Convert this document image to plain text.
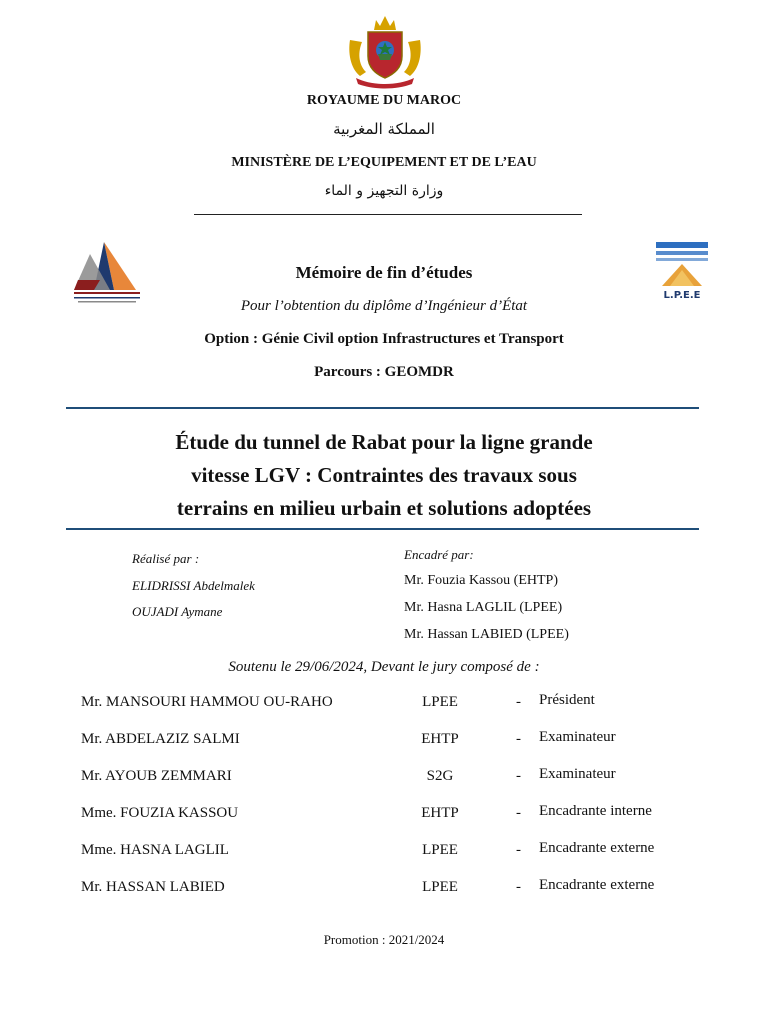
ROYAUME DU MAROC
المملكة المغربية
MINISTÈRE DE L’EQUIPEMENT ET DE L’EAU
وزارة التجهيز و الماء
L.P.E.E
Mémoire de fin d’études
Pour l’obtention du diplôme d’Ingénieur d’État
Option : Génie Civil option Infrastructures et Transport
Parcours : GEOMDR
Étude du tunnel de Rabat pour la ligne grande
vitesse LGV : Contraintes des travaux sous
terrains en milieu urbain et solutions adoptées
Réalisé par :
ELIDRISSI Abdelmalek
OUJADI Aymane
Encadré par:
Mr. Fouzia Kassou (EHTP)
Mr. Hasna LAGLIL (LPEE)
Mr. Hassan LABIED (LPEE)
Soutenu le 29/06/2024, Devant le jury composé de :
Mr. MANSOURI HAMMOU OU-RAHO	LPEE	- Président
Mr. ABDELAZIZ SALMI	EHTP	- Examinateur
Mr. AYOUB ZEMMARI	S2G	- Examinateur
Mme. FOUZIA KASSOU	EHTP	- Encadrante interne
Mme. HASNA LAGLIL	LPEE	- Encadrante externe
Mr. HASSAN LABIED	LPEE	- Encadrante externe
Promotion : 2021/2024
